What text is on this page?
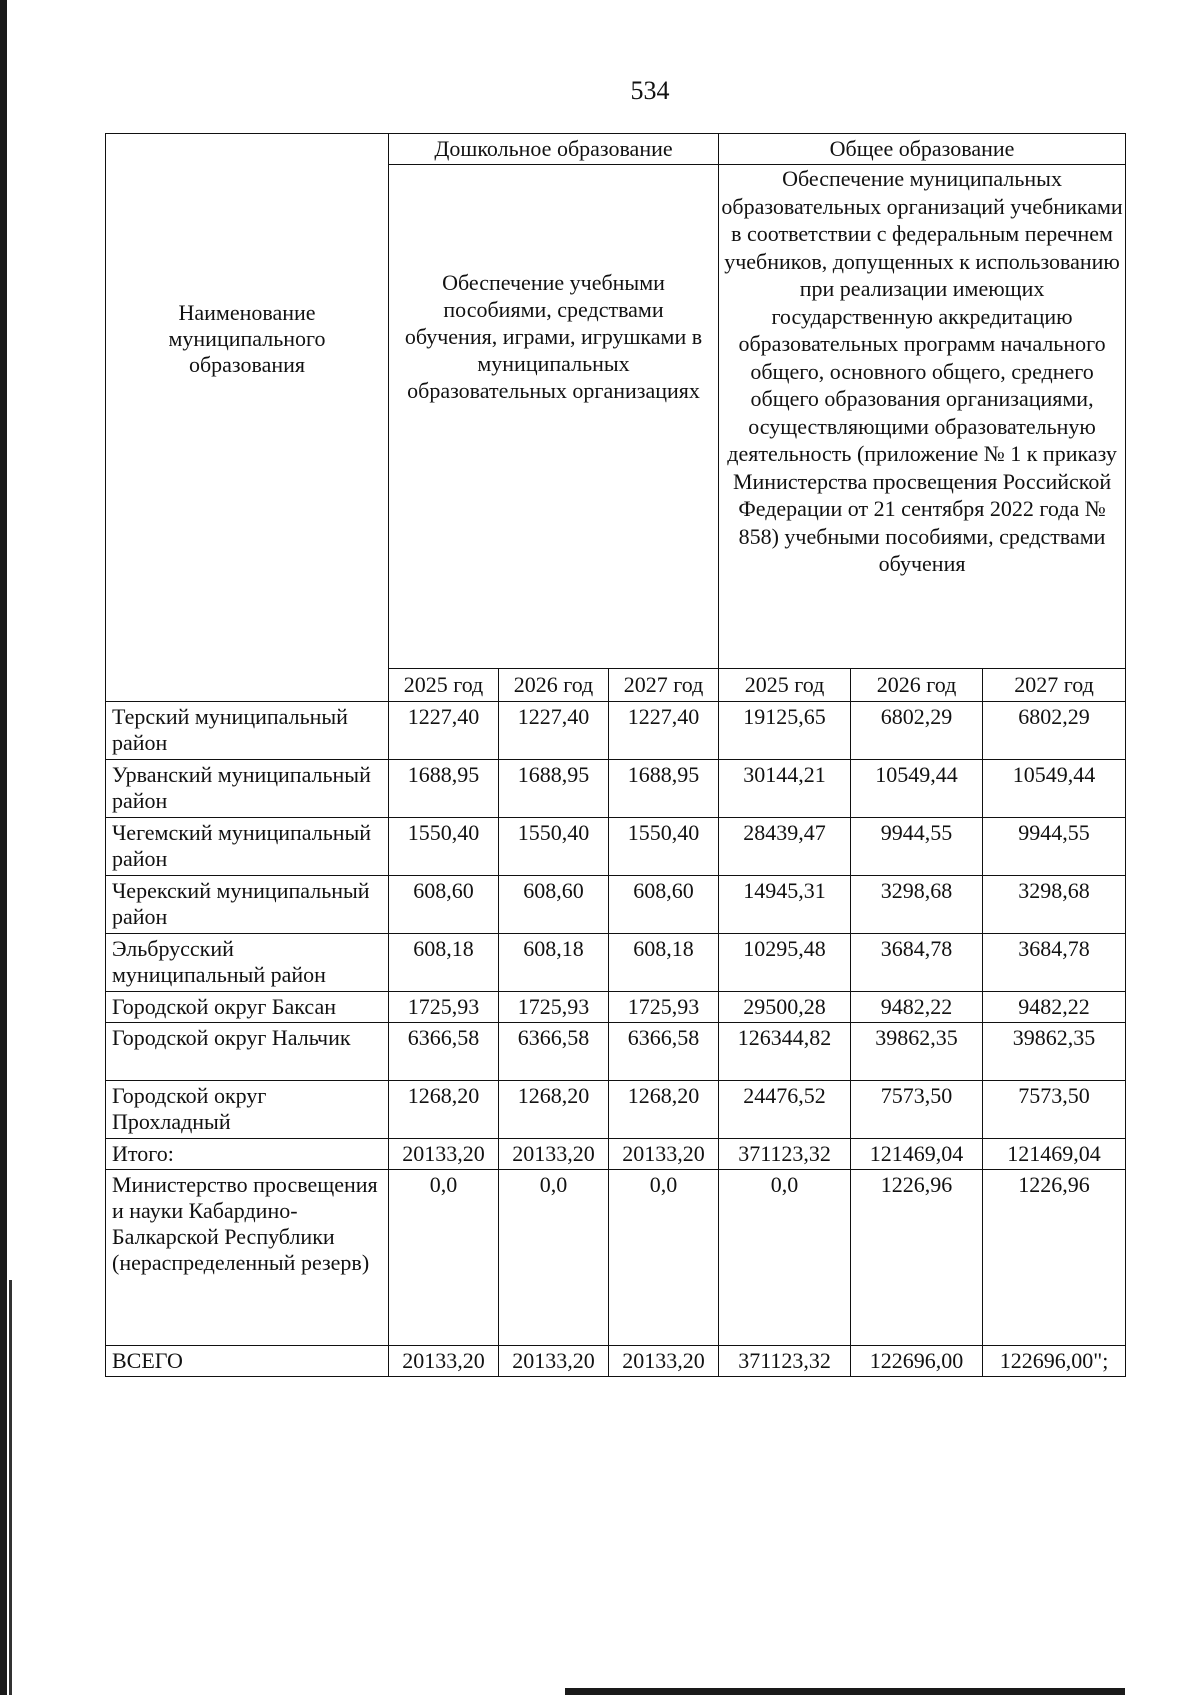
534
Наименование муниципального образования	Дошкольное образование			Общее образование		
	Обеспечение учебными пособиями, средствами обучения, играми, игрушками в муниципальных образовательных организациях			Обеспечение муниципальных образовательных организаций учебниками в соответствии с федеральным перечнем учебников, допущенных к использованию при реализации имеющих государственную аккредитацию образовательных программ начального общего, основного общего, среднего общего образования организациями, осуществляющими образовательную деятельность (приложение № 1 к приказу Министерства просвещения Российской Федерации от 21 сентября 2022 года № 858) учебными пособиями, средствами обучения		
	2025 год	2026 год	2027 год	2025 год	2026 год	2027 год
Терский муниципальный район	1227,40	1227,40	1227,40	19125,65	6802,29	6802,29
Урванский муниципальный район	1688,95	1688,95	1688,95	30144,21	10549,44	10549,44
Чегемский муниципальный район	1550,40	1550,40	1550,40	28439,47	9944,55	9944,55
Черекский муниципальный район	608,60	608,60	608,60	14945,31	3298,68	3298,68
Эльбрусский муниципальный район	608,18	608,18	608,18	10295,48	3684,78	3684,78
Городской округ Баксан	1725,93	1725,93	1725,93	29500,28	9482,22	9482,22
Городской округ Нальчик	6366,58	6366,58	6366,58	126344,82	39862,35	39862,35
Городской округ Прохладный	1268,20	1268,20	1268,20	24476,52	7573,50	7573,50
Итого:	20133,20	20133,20	20133,20	371123,32	121469,04	121469,04
Министерство просвещения и науки Кабардино-Балкарской Республики (нераспределенный резерв)	0,0	0,0	0,0	0,0	1226,96	1226,96
ВСЕГО	20133,20	20133,20	20133,20	371123,32	122696,00	122696,00";
